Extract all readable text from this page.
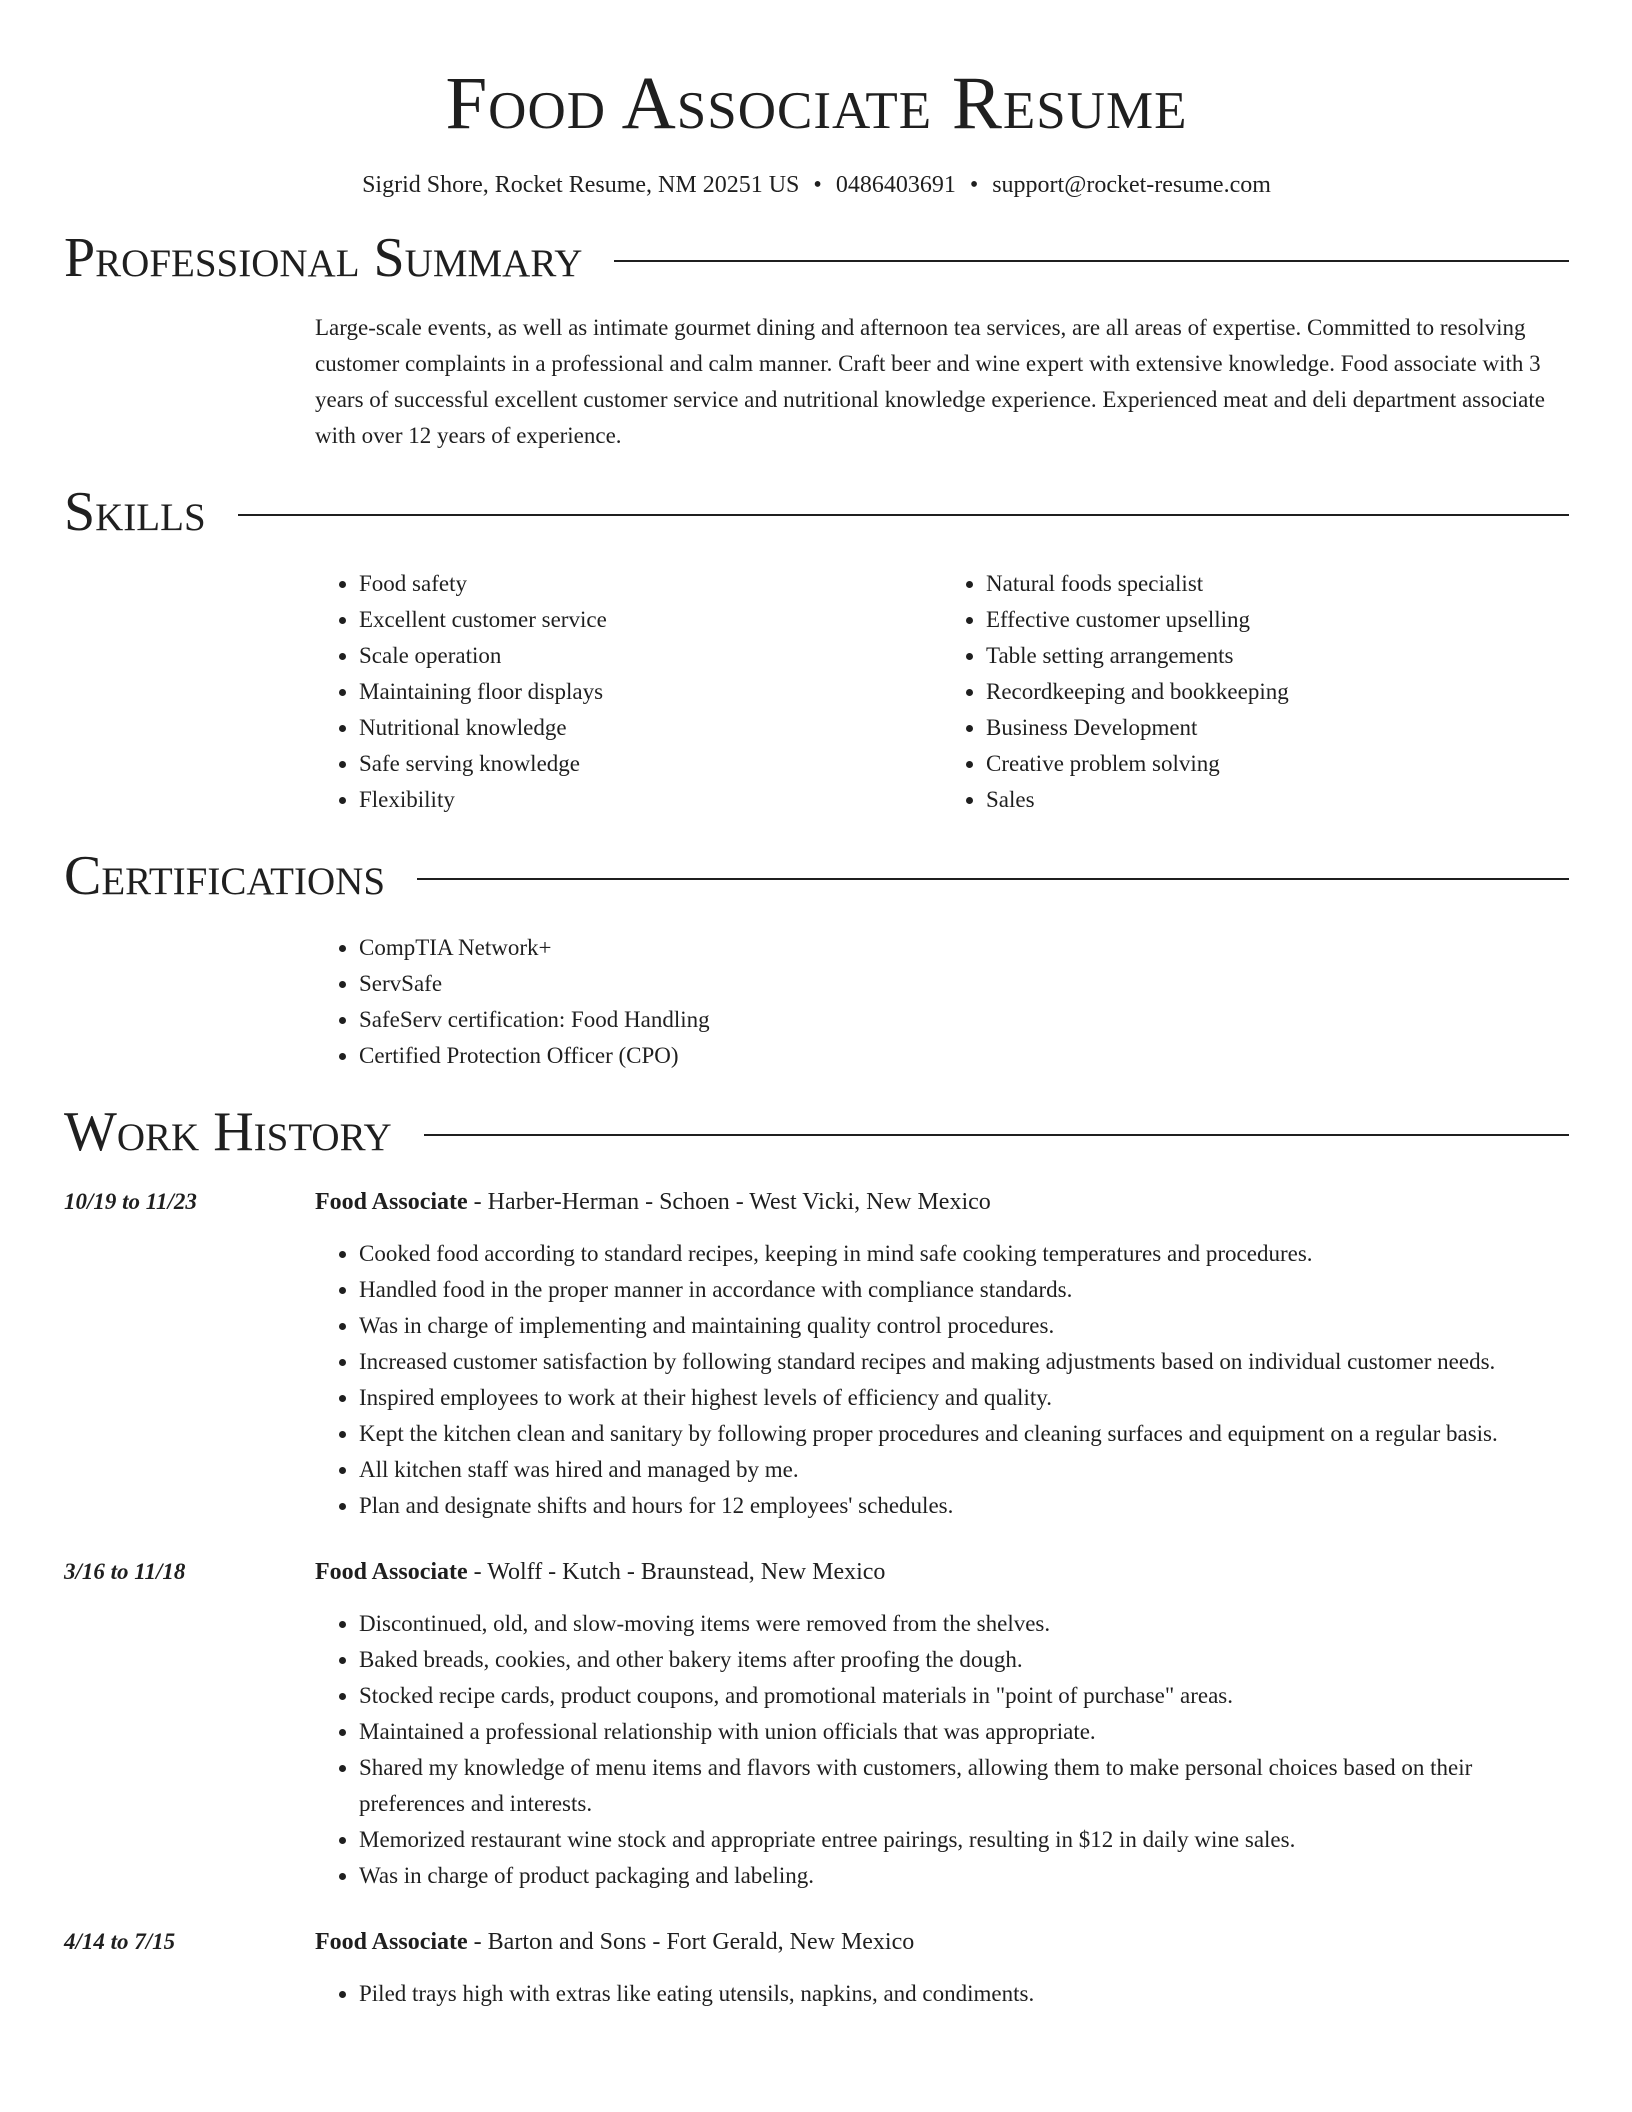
Food Associate Resume
Sigrid Shore, Rocket Resume, NM 20251 US • 0486403691 • support@rocket-resume.com
Professional Summary
Large-scale events, as well as intimate gourmet dining and afternoon tea services, are all areas of expertise. Committed to resolving customer complaints in a professional and calm manner. Craft beer and wine expert with extensive knowledge. Food associate with 3 years of successful excellent customer service and nutritional knowledge experience. Experienced meat and deli department associate with over 12 years of experience.
Skills
• Food safety
• Excellent customer service
• Scale operation
• Maintaining floor displays
• Nutritional knowledge
• Safe serving knowledge
• Flexibility
• Natural foods specialist
• Effective customer upselling
• Table setting arrangements
• Recordkeeping and bookkeeping
• Business Development
• Creative problem solving
• Sales
Certifications
• CompTIA Network+
• ServSafe
• SafeServ certification: Food Handling
• Certified Protection Officer (CPO)
Work History
10/19 to 11/23	Food Associate - Harber-Herman - Schoen - West Vicki, New Mexico
• Cooked food according to standard recipes, keeping in mind safe cooking temperatures and procedures.
• Handled food in the proper manner in accordance with compliance standards.
• Was in charge of implementing and maintaining quality control procedures.
• Increased customer satisfaction by following standard recipes and making adjustments based on individual customer needs.
• Inspired employees to work at their highest levels of efficiency and quality.
• Kept the kitchen clean and sanitary by following proper procedures and cleaning surfaces and equipment on a regular basis.
• All kitchen staff was hired and managed by me.
• Plan and designate shifts and hours for 12 employees' schedules.
3/16 to 11/18	Food Associate - Wolff - Kutch - Braunstead, New Mexico
• Discontinued, old, and slow-moving items were removed from the shelves.
• Baked breads, cookies, and other bakery items after proofing the dough.
• Stocked recipe cards, product coupons, and promotional materials in "point of purchase" areas.
• Maintained a professional relationship with union officials that was appropriate.
• Shared my knowledge of menu items and flavors with customers, allowing them to make personal choices based on their preferences and interests.
• Memorized restaurant wine stock and appropriate entree pairings, resulting in $12 in daily wine sales.
• Was in charge of product packaging and labeling.
4/14 to 7/15	Food Associate - Barton and Sons - Fort Gerald, New Mexico
• Piled trays high with extras like eating utensils, napkins, and condiments.
